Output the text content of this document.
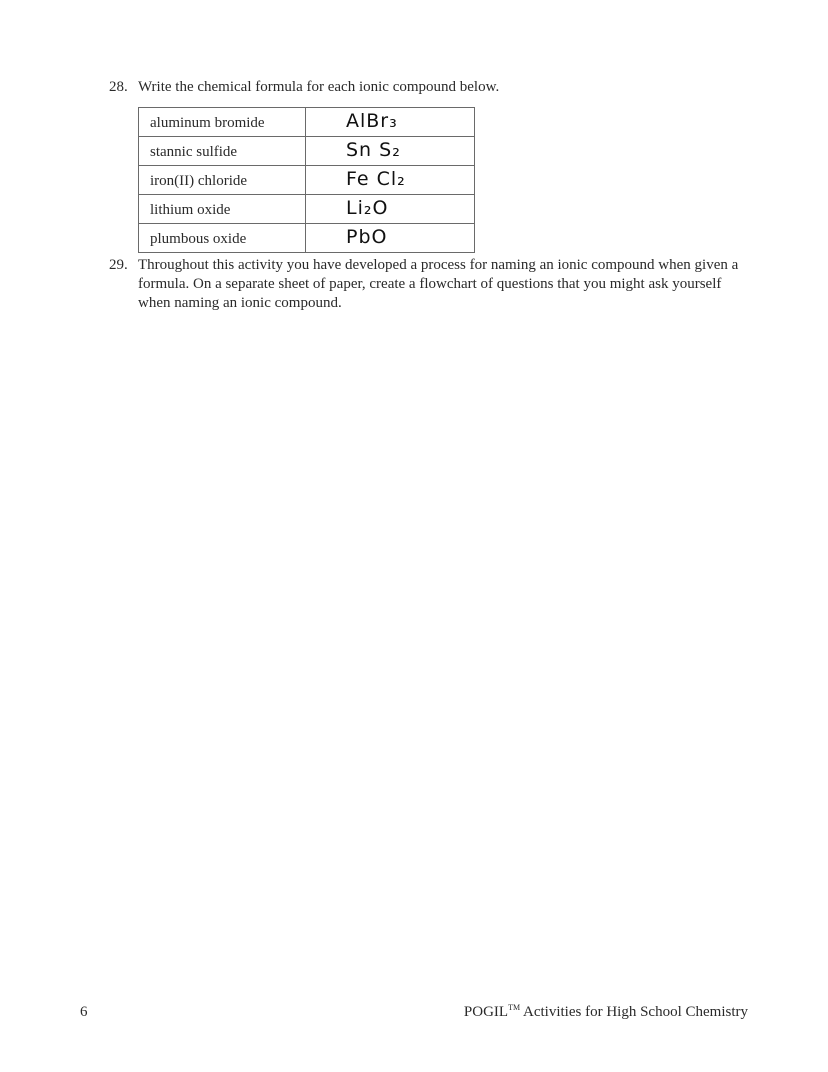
28. Write the chemical formula for each ionic compound below.
aluminum bromide	AlBr₃
stannic sulfide	Sn S₂
iron(II) chloride	Fe Cl₂
lithium oxide	Li₂O
plumbous oxide	PbO
29. Throughout this activity you have developed a process for naming an ionic compound when given a formula. On a separate sheet of paper, create a flowchart of questions that you might ask yourself when naming an ionic compound.
6	POGIL™ Activities for High School Chemistry
